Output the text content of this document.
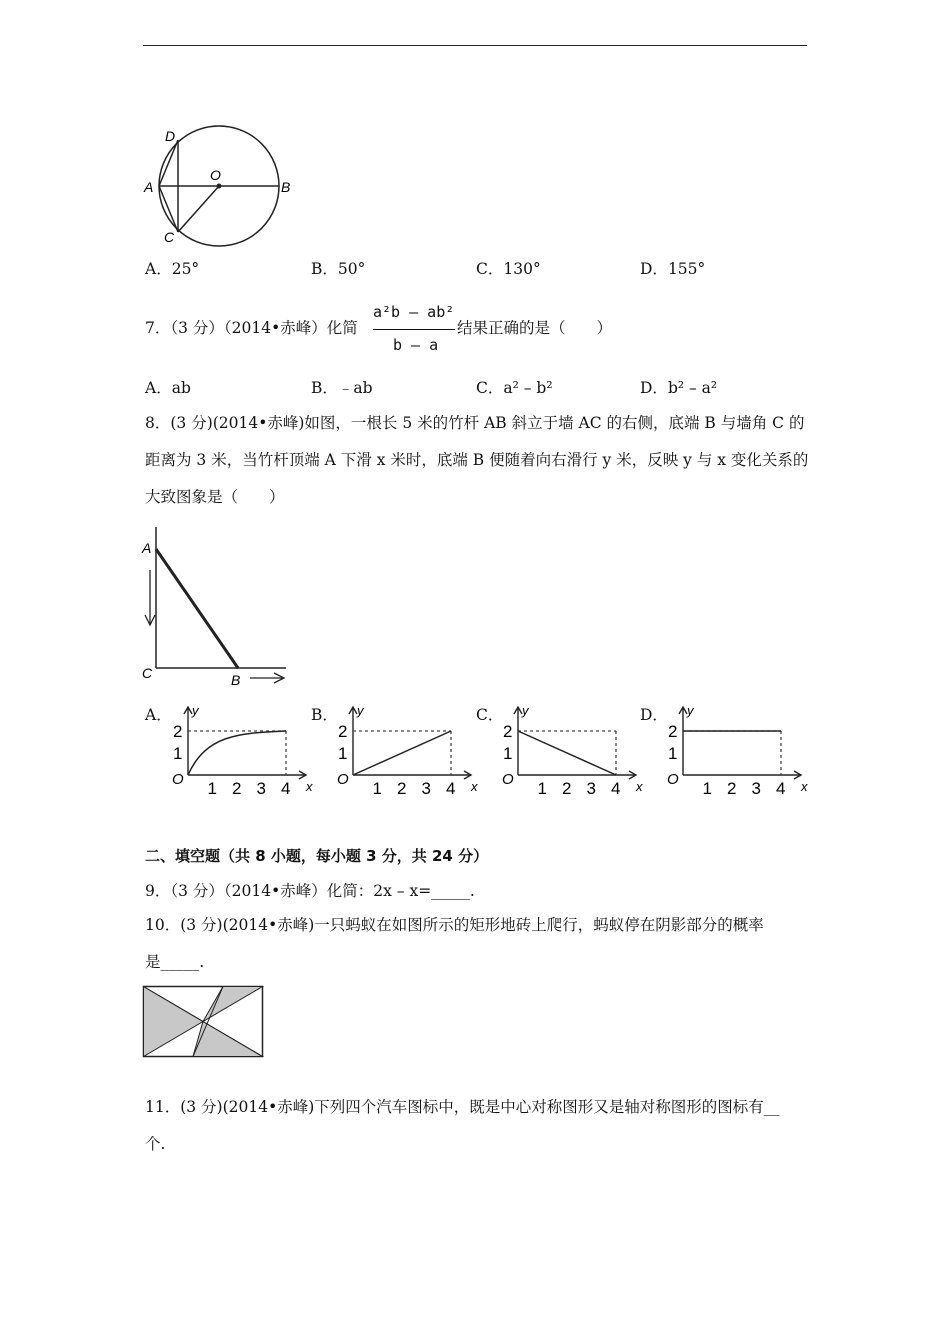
D
A
O
B
C
A．25°	B．50°	C．130°	D．155°
7．（3 分）（2014•赤峰）化简
a²b – ab²
b – a
结果正确的是（　　）
A．ab	B．﹣ab	C．a² – b²	D．b² – a²
8．(3 分)(2014•赤峰)如图，一根长 5 米的竹杆 AB 斜立于墙 AC 的右侧，底端 B 与墙角 C 的
距离为 3 米，当竹杆顶端 A 下滑 x 米时，底端 B 便随着向右滑行 y 米，反映 y 与 x 变化关系的
大致图象是（　　）
A
C	B
A．	B．	C．	D．
y
x
O
2
1
1 2 3 4
y
x
O
2
1
1 2 3 4
y
x
O
2
1
1 2 3 4
y
x
O
2
1
1 2 3 4
二、填空题（共 8 小题，每小题 3 分，共 24 分）
9．（3 分）（2014•赤峰）化简：2x – x=_____.
10．(3 分)(2014•赤峰)一只蚂蚁在如图所示的矩形地砖上爬行，蚂蚁停在阴影部分的概率
是_____.
11．(3 分)(2014•赤峰)下列四个汽车图标中，既是中心对称图形又是轴对称图形的图标有__
个.
